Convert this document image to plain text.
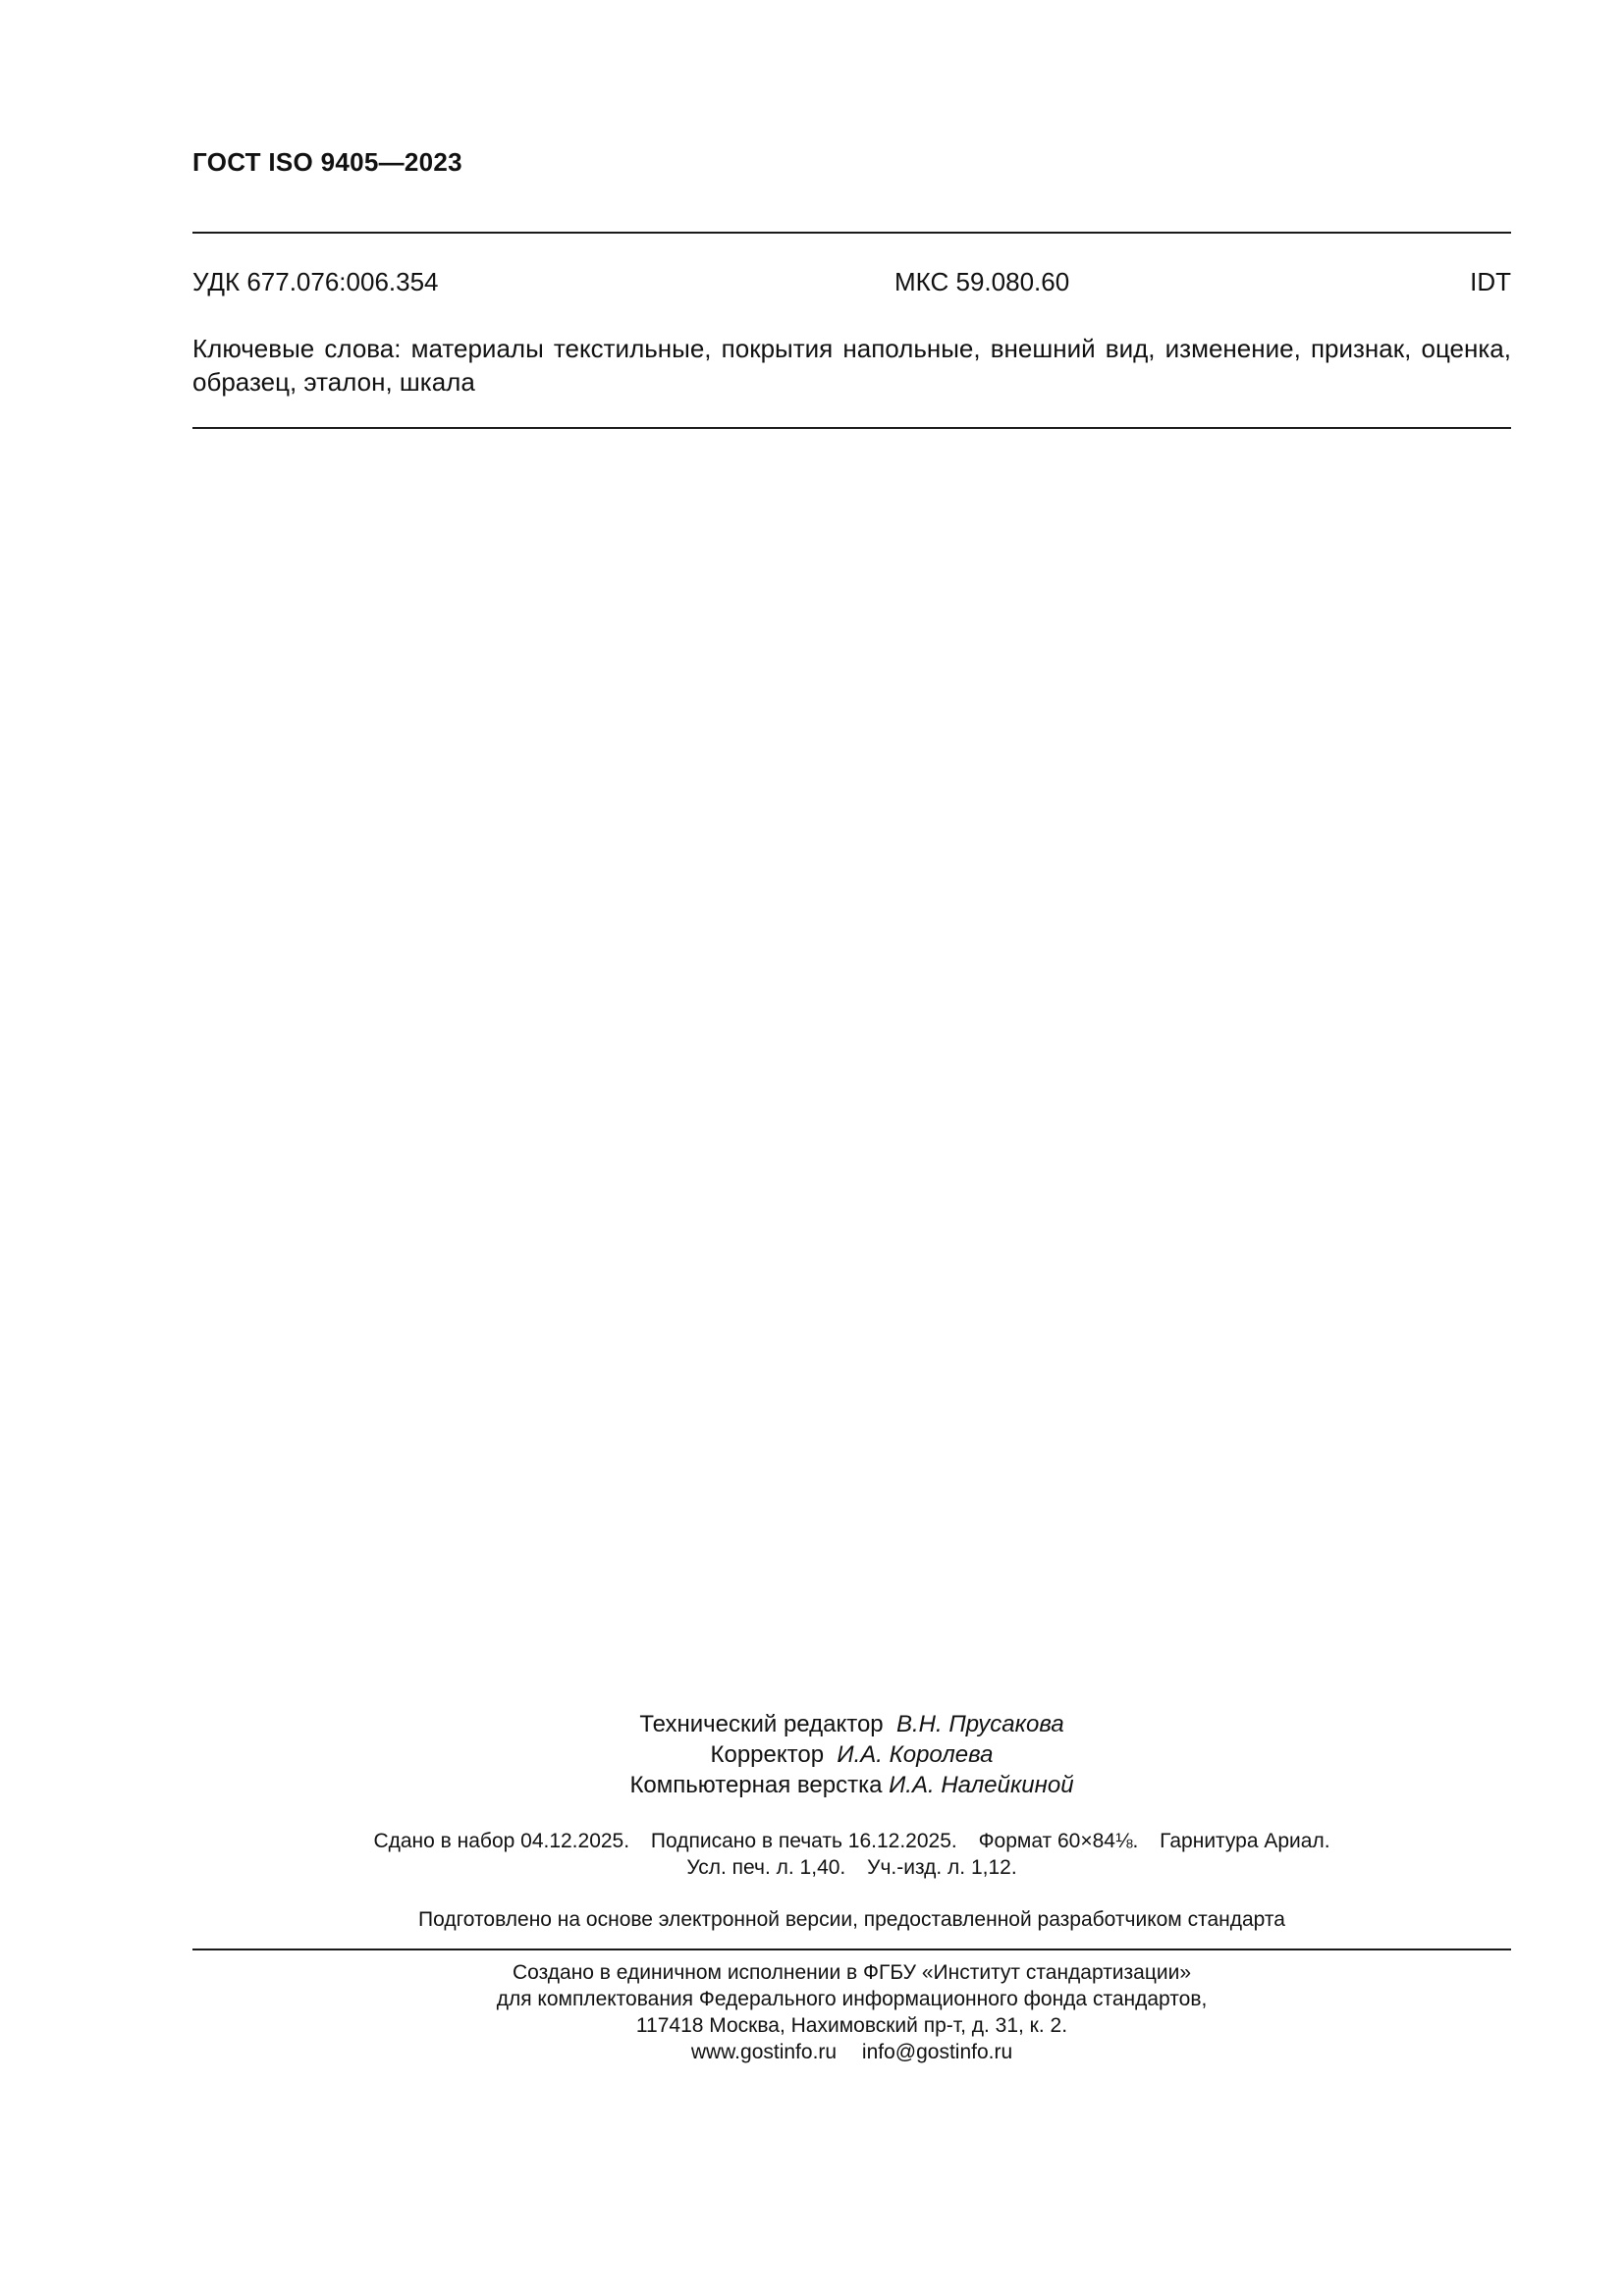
ГОСТ ISO 9405—2023
УДК 677.076:006.354	МКС 59.080.60	IDT

Ключевые слова: материалы текстильные, покрытия напольные, внешний вид, изменение, признак, оценка, образец, эталон, шкала

Технический редактор В.Н. Прусакова
Корректор И.А. Королева
Компьютерная верстка И.А. Налейкиной
Сдано в набор 04.12.2025. Подписано в печать 16.12.2025. Формат 60×84⅛. Гарнитура Ариал.
Усл. печ. л. 1,40. Уч.-изд. л. 1,12.
Подготовлено на основе электронной версии, предоставленной разработчиком стандарта
Создано в единичном исполнении в ФГБУ «Институт стандартизации»
для комплектования Федерального информационного фонда стандартов,
117418 Москва, Нахимовский пр-т, д. 31, к. 2.
www.gostinfo.ru info@gostinfo.ru
